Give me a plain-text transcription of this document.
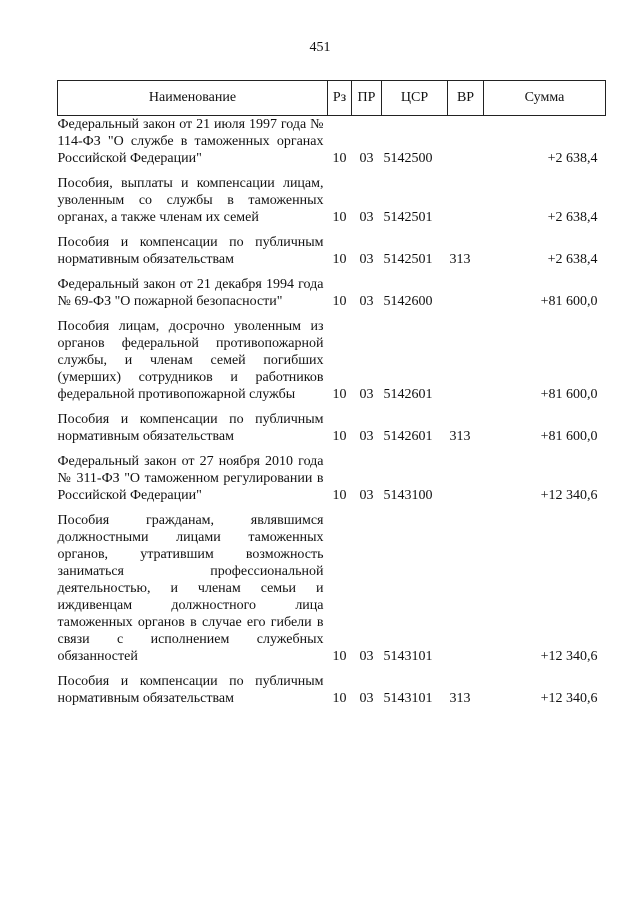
451
Наименование	Рз	ПР	ЦСР	ВР	Сумма
Федеральный закон от 21 июля 1997 года № 114-ФЗ "О службе в таможенных органах Российской Федерации"	10	03	5142500		+2 638,4

Пособия, выплаты и компенсации лицам, уволенным со службы в таможенных органах, а также членам их семей	10	03	5142501		+2 638,4

Пособия и компенсации по публичным нормативным обязательствам	10	03	5142501	313	+2 638,4

Федеральный закон от 21 декабря 1994 года № 69-ФЗ "О пожарной безопасности"	10	03	5142600		+81 600,0

Пособия лицам, досрочно уволенным из органов федеральной противопожарной службы, и членам семей погибших (умерших) сотрудников и работников федеральной противопожарной службы	10	03	5142601		+81 600,0

Пособия и компенсации по публичным нормативным обязательствам	10	03	5142601	313	+81 600,0

Федеральный закон от 27 ноября 2010 года № 311-ФЗ "О таможенном регулировании в Российской Федерации"	10	03	5143100		+12 340,6

Пособия гражданам, являвшимся должностными лицами таможенных органов, утратившим возможность заниматься профессиональной деятельностью, и членам семьи и иждивенцам должностного лица таможенных органов в случае его гибели в связи с исполнением служебных обязанностей	10	03	5143101		+12 340,6

Пособия и компенсации по публичным нормативным обязательствам	10	03	5143101	313	+12 340,6
